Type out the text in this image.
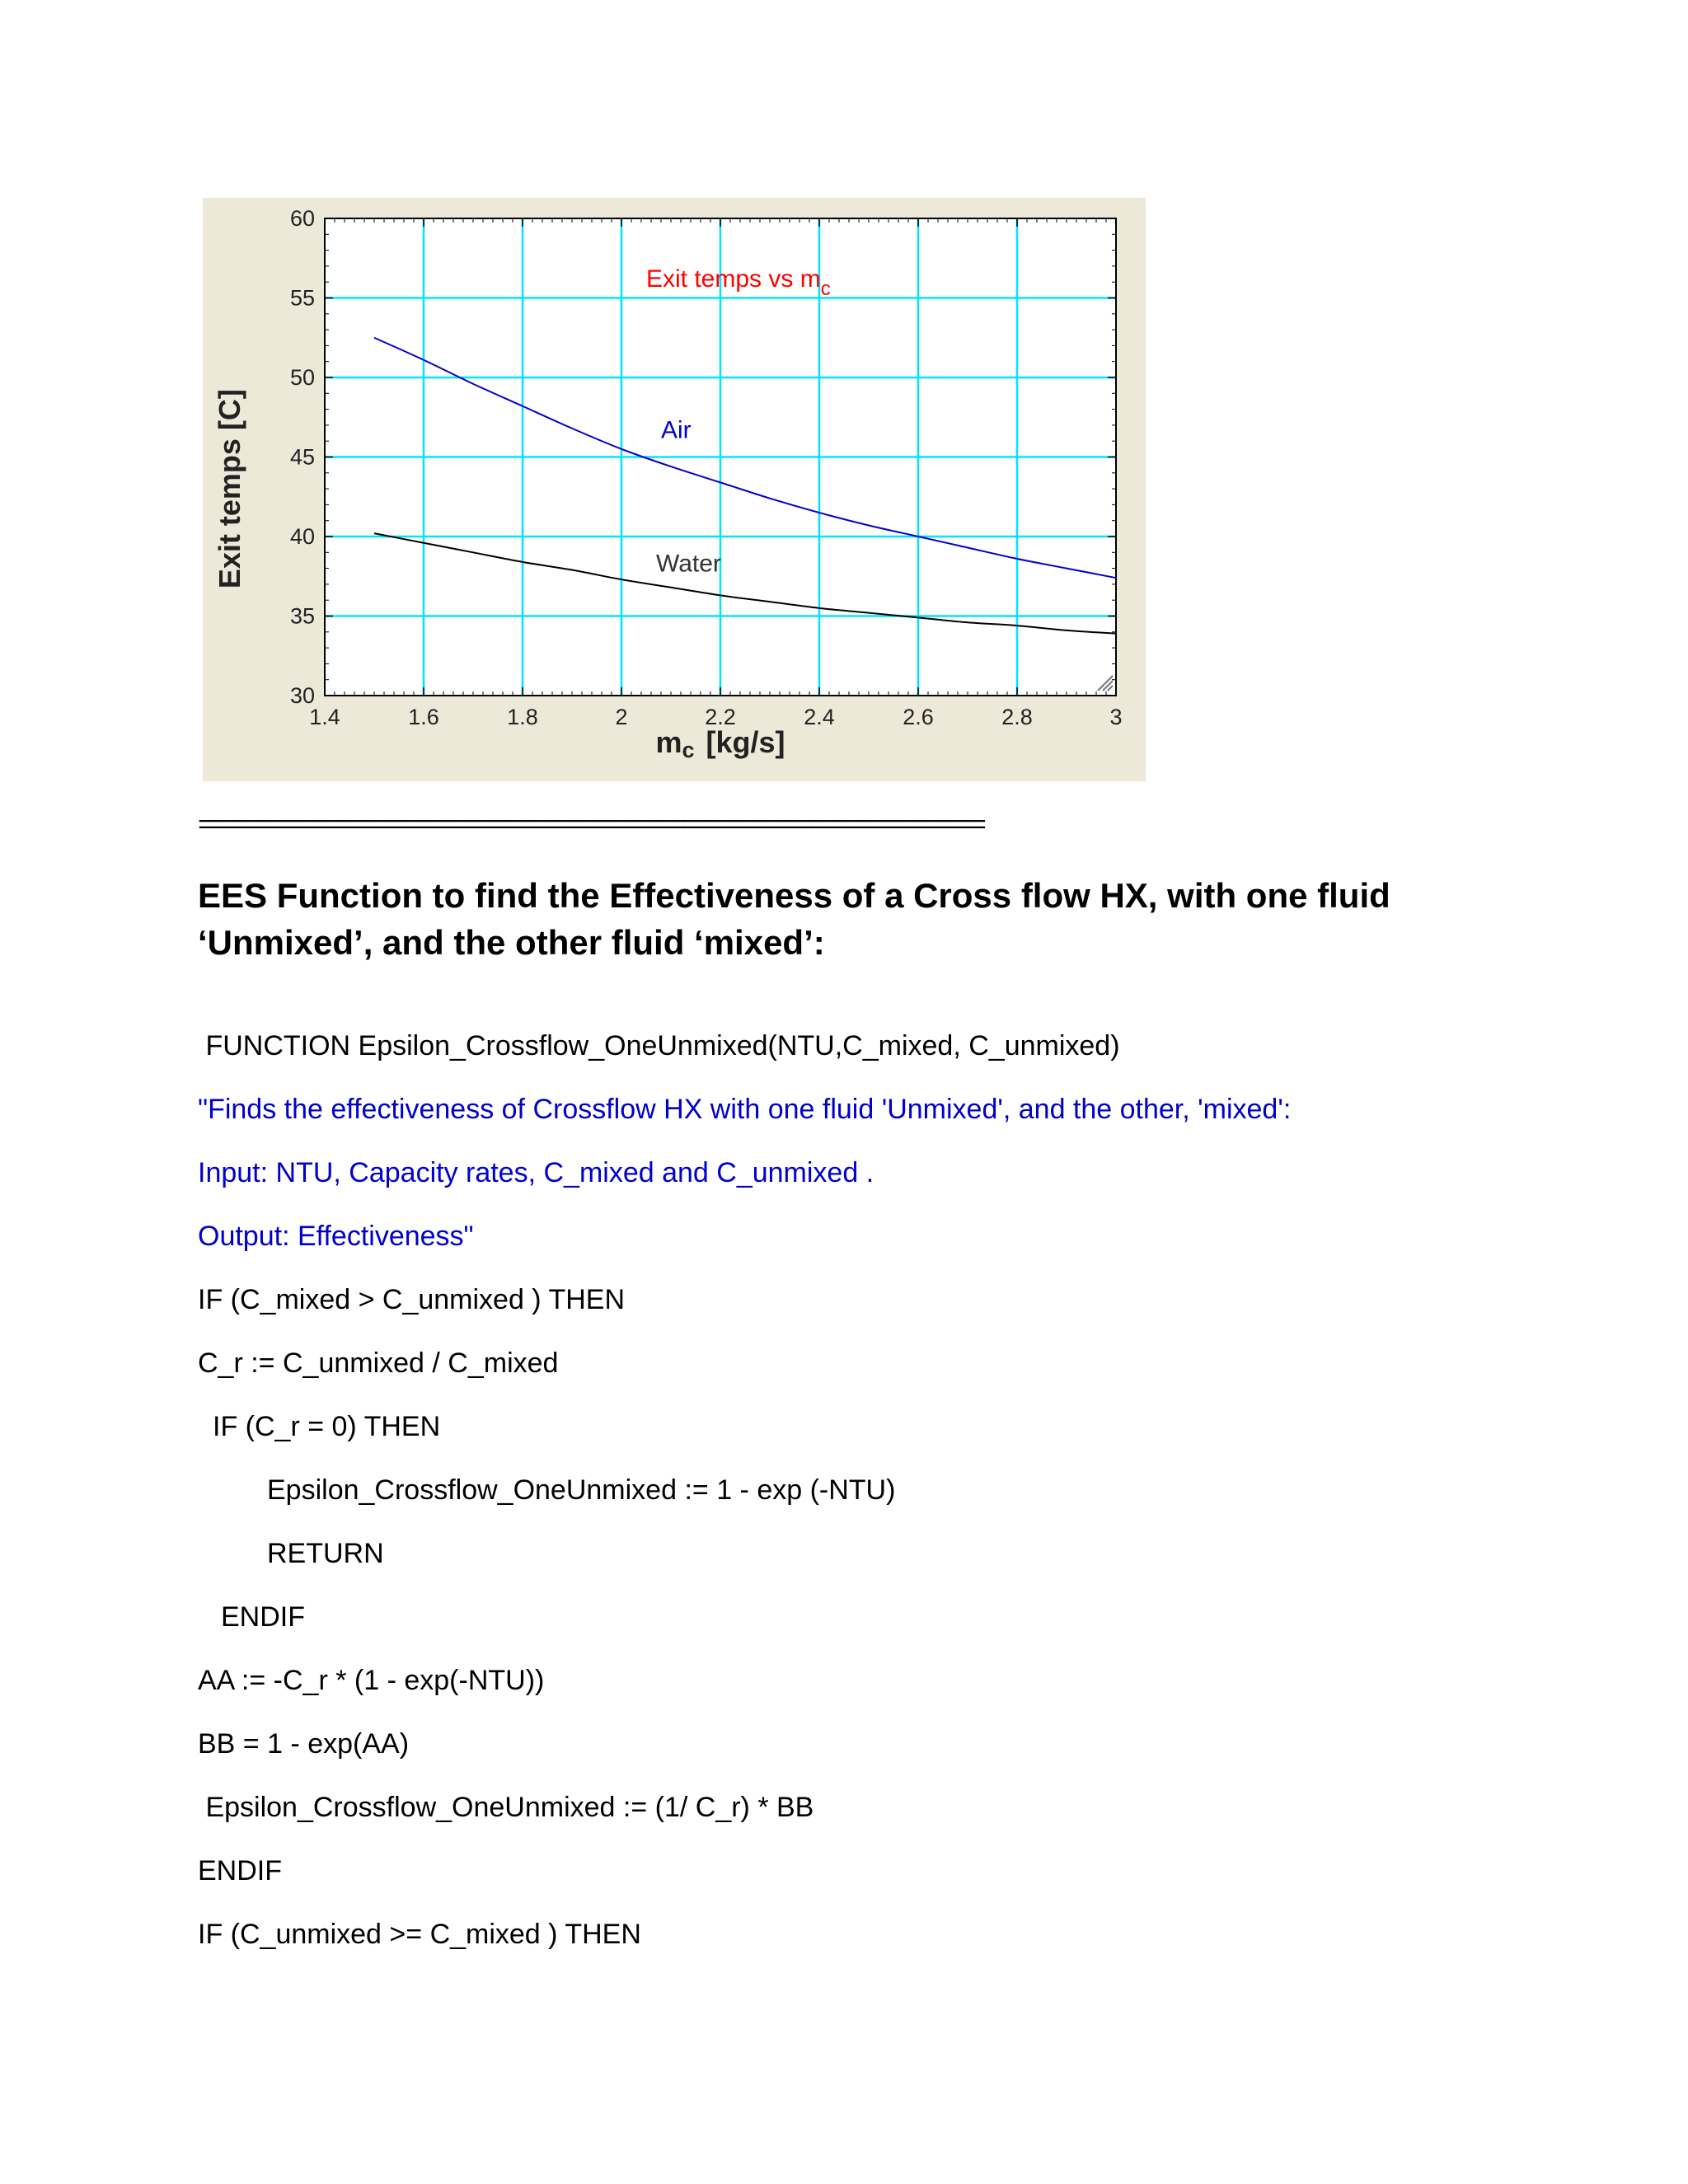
1.4	1.6	1.8	2	2.2	2.4	2.6	2.8	3
30
35
40
45
50
55
60
Air
Water
Exit temps vs $m_c$
mc [kg/s]
Exit temps [C]
====================================================================
EES Function to find the Effectiveness of a Cross flow HX, with one fluid ‘Unmixed’, and the other fluid ‘mixed’:
FUNCTION Epsilon_Crossflow_OneUnmixed(NTU,C_mixed, C_unmixed)
"Finds the effectiveness of Crossflow HX with one fluid 'Unmixed', and the other, 'mixed':
Input: NTU, Capacity rates, C_mixed and C_unmixed .
Output: Effectiveness"
IF (C_mixed > C_unmixed ) THEN
C_r := C_unmixed / C_mixed
IF (C_r = 0) THEN
Epsilon_Crossflow_OneUnmixed := 1 - exp (-NTU)
RETURN
ENDIF
AA := -C_r * (1 - exp(-NTU))
BB = 1 - exp(AA)
Epsilon_Crossflow_OneUnmixed := (1/ C_r) * BB
ENDIF
IF (C_unmixed >= C_mixed ) THEN
